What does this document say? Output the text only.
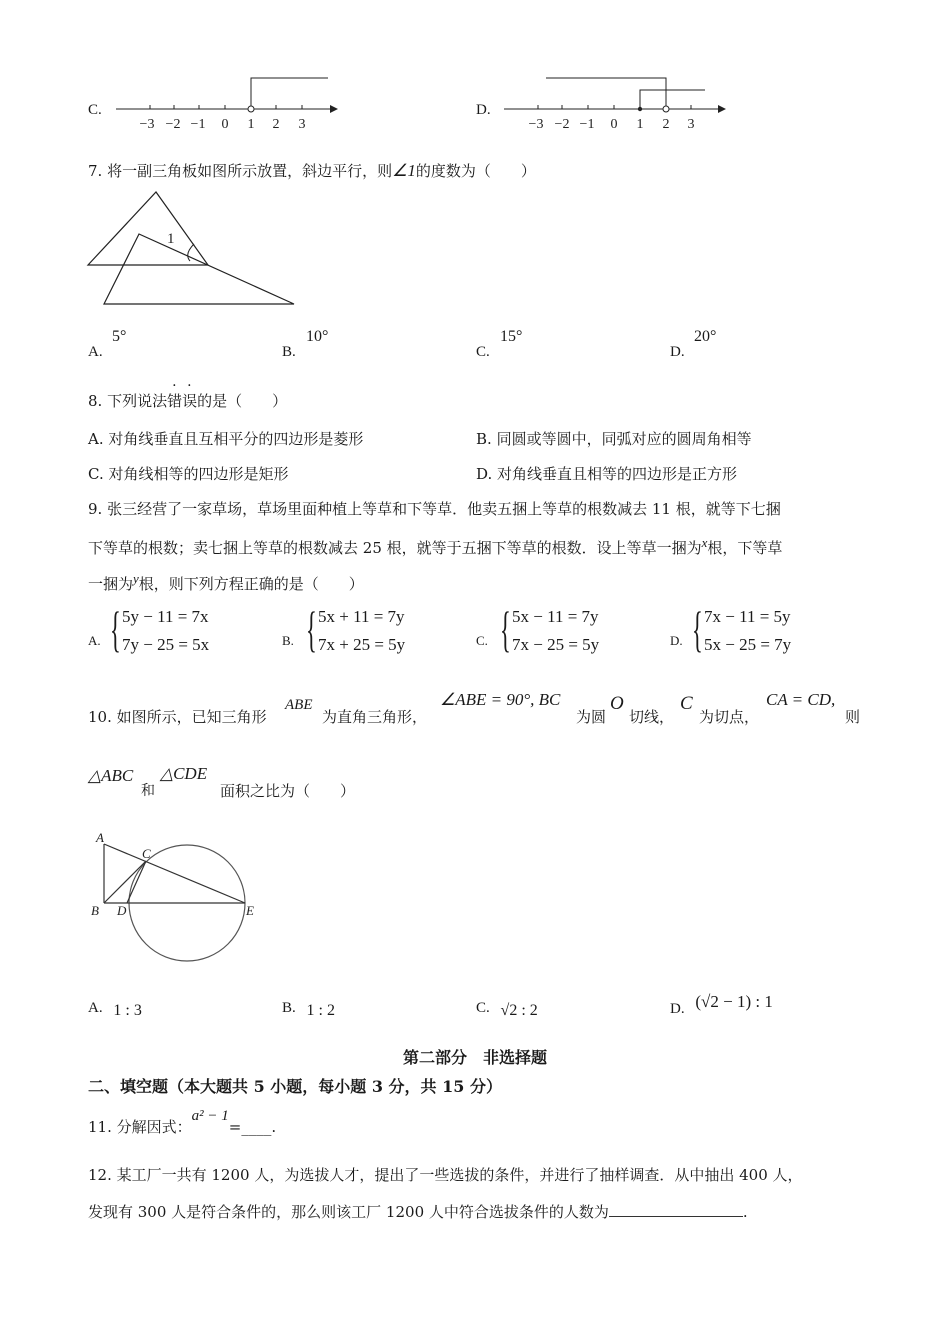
C.
−3 −2 −1 0 1 2 3
D.
−3 −2 −1 0 1 2 3
7. 将一副三角板如图所示放置，斜边平行，则∠1的度数为（　　）
1
A.
5°
B.
10°
C.
15°
D.
20°
8. 下列说法错误的是（　　）
A. 对角线垂直且互相平分的四边形是菱形	B. 同圆或等圆中，同弧对应的圆周角相等
C. 对角线相等的四边形是矩形	D. 对角线垂直且相等的四边形是正方形
9. 张三经营了一家草场，草场里面种植上等草和下等草．他卖五捆上等草的根数减去 11 根，就等下七捆
下等草的根数；卖七捆上等草的根数减去 25 根，就等于五捆下等草的根数．设上等草一捆为$^x$根，下等草
一捆为$^y$根，则下列方程正确的是（　　）
A. { 5y − 11 = 7x
7y − 25 = 5x	B. { 5x + 11 = 7y
7x + 25 = 5y	C. { 5x − 11 = 7y
7x − 25 = 5y	D. { 7x − 11 = 5y
5x − 25 = 7y
10. 如图所示，已知三角形
ABE
为直角三角形，
∠ABE = 90°, BC
为圆
O
切线，
C
为切点，
CA = CD,
则
△ABC
和
△CDE
面积之比为（　　）
A
C
B D	E
A. 1 : 3	B. 1 : 2	C. √2 : 2	D. (√2 − 1) : 1
第二部分　非选择题
二、填空题（本大题共 5 小题，每小题 3 分，共 15 分）
11. 分解因式：a² − 1=____.
12. 某工厂一共有 1200 人，为选拔人才，提出了一些选拔的条件，并进行了抽样调查．从中抽出 400 人，
发现有 300 人是符合条件的，那么则该工厂 1200 人中符合选拔条件的人数为	.
